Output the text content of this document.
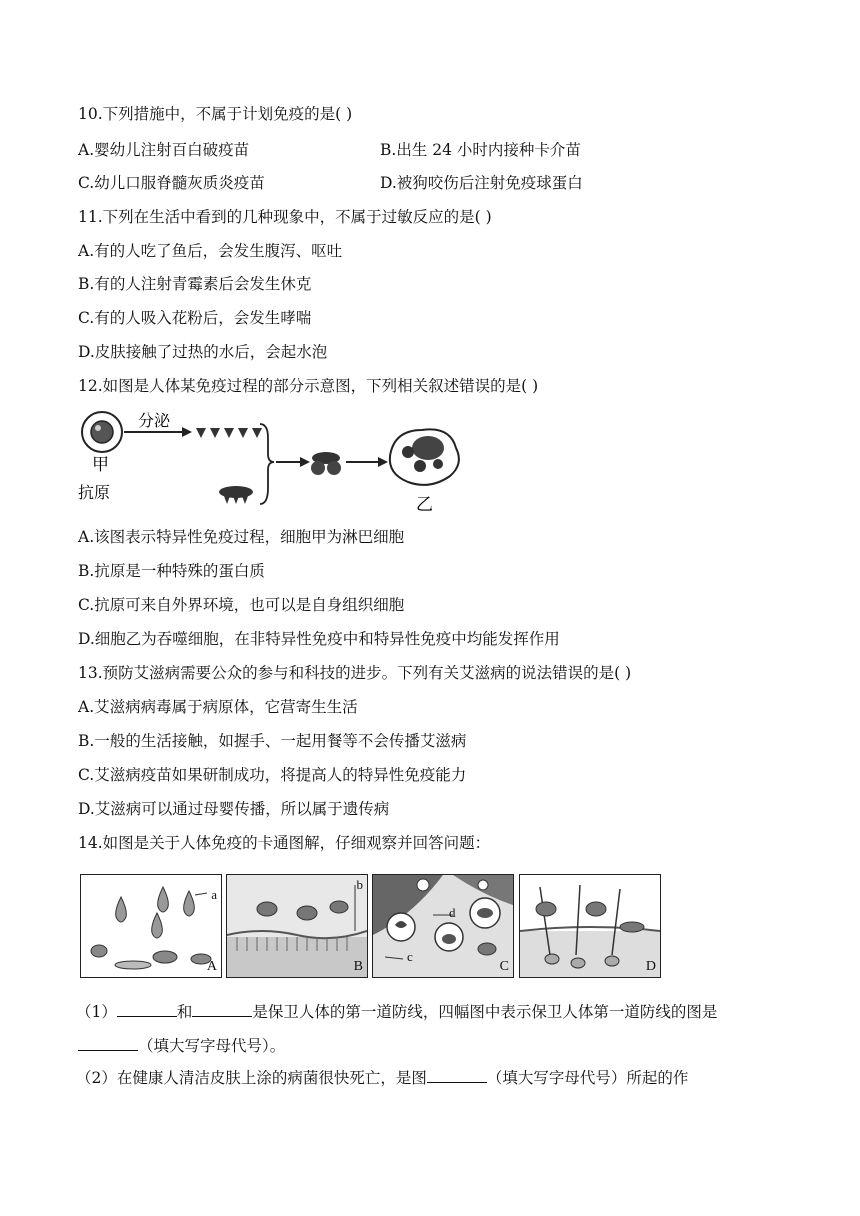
10.下列措施中，不属于计划免疫的是( )
A.婴幼儿注射百白破疫苗	B.出生 24 小时内接种卡介苗
C.幼儿口服脊髓灰质炎疫苗	D.被狗咬伤后注射免疫球蛋白
11.下列在生活中看到的几种现象中，不属于过敏反应的是( )
A.有的人吃了鱼后，会发生腹泻、呕吐
B.有的人注射青霉素后会发生休克
C.有的人吸入花粉后，会发生哮喘
D.皮肤接触了过热的水后，会起水泡
12.如图是人体某免疫过程的部分示意图，下列相关叙述错误的是( )
甲
分泌
抗原
乙
A.该图表示特异性免疫过程，细胞甲为淋巴细胞
B.抗原是一种特殊的蛋白质
C.抗原可来自外界环境，也可以是自身组织细胞
D.细胞乙为吞噬细胞，在非特异性免疫中和特异性免疫中均能发挥作用
13.预防艾滋病需要公众的参与和科技的进步。下列有关艾滋病的说法错误的是( )
A.艾滋病病毒属于病原体，它营寄生生活
B.一般的生活接触，如握手、一起用餐等不会传播艾滋病
C.艾滋病疫苗如果研制成功，将提高人的特异性免疫能力
D.艾滋病可以通过母婴传播，所以属于遗传病
14.如图是关于人体免疫的卡通图解，仔细观察并回答问题：
a
A
b
B
d
c
C	D
（1）	和	是保卫人体的第一道防线，四幅图中表示保卫人体第一道防线的图是
（填大写字母代号）。
（2）在健康人清洁皮肤上涂的病菌很快死亡，是图	（填大写字母代号）所起的作
